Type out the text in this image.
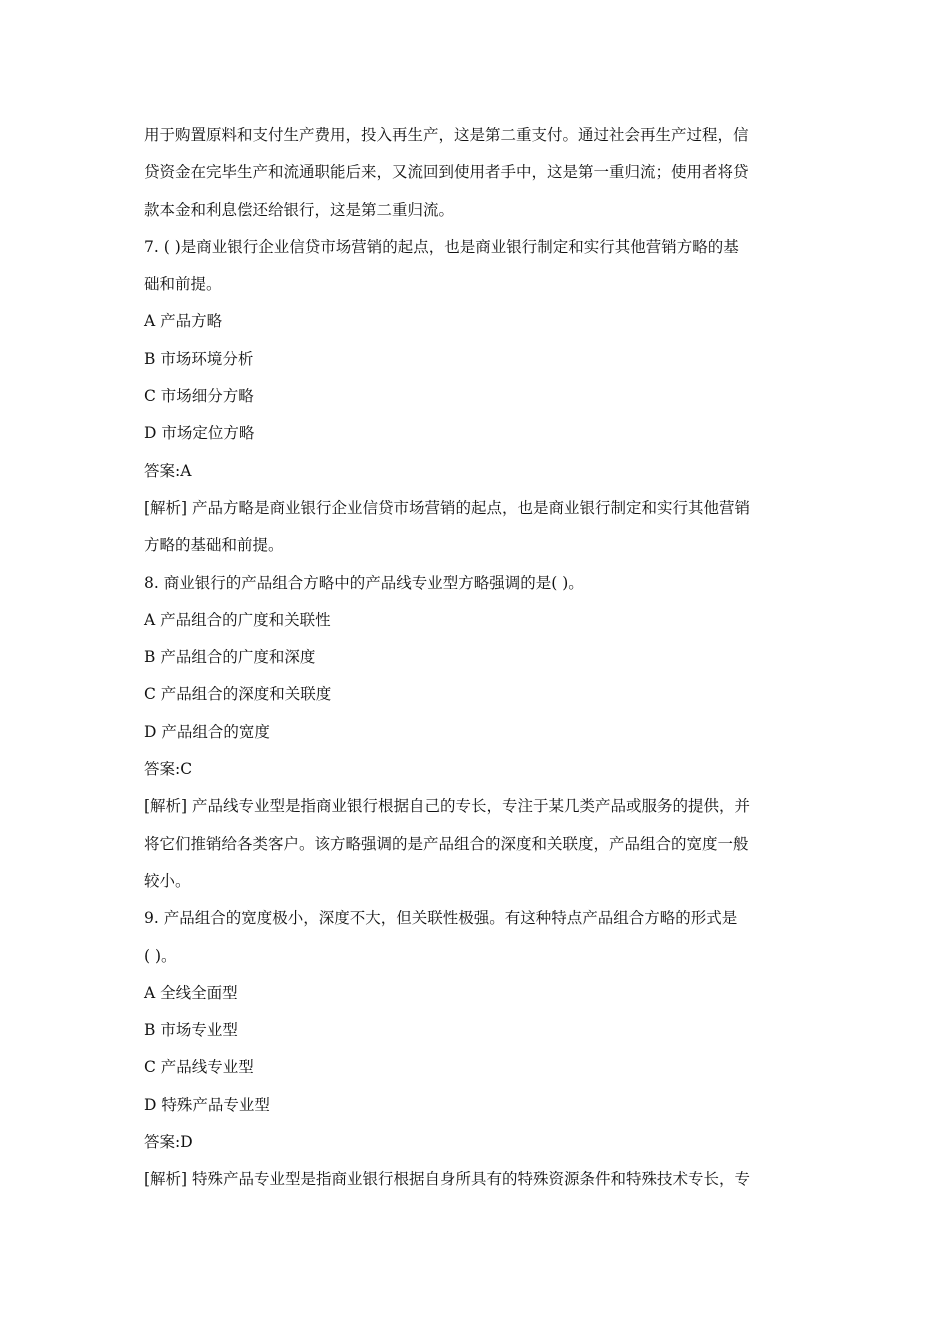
用于购置原料和支付生产费用，投入再生产，这是第二重支付。通过社会再生产过程，信

贷资金在完毕生产和流通职能后来，又流回到使用者手中，这是第一重归流；使用者将贷

款本金和利息偿还给银行，这是第二重归流。

7. ( )是商业银行企业信贷市场营销的起点，也是商业银行制定和实行其他营销方略的基

础和前提。

A 产品方略

B 市场环境分析

C 市场细分方略

D 市场定位方略

答案:A

[解析] 产品方略是商业银行企业信贷市场营销的起点，也是商业银行制定和实行其他营销

方略的基础和前提。

8. 商业银行的产品组合方略中的产品线专业型方略强调的是( )。

A 产品组合的广度和关联性

B 产品组合的广度和深度

C 产品组合的深度和关联度

D 产品组合的宽度

答案:C

[解析] 产品线专业型是指商业银行根据自己的专长，专注于某几类产品或服务的提供，并

将它们推销给各类客户。该方略强调的是产品组合的深度和关联度，产品组合的宽度一般

较小。

9. 产品组合的宽度极小，深度不大，但关联性极强。有这种特点产品组合方略的形式是

( )。

A 全线全面型

B 市场专业型

C 产品线专业型

D 特殊产品专业型

答案:D

[解析] 特殊产品专业型是指商业银行根据自身所具有的特殊资源条件和特殊技术专长，专
